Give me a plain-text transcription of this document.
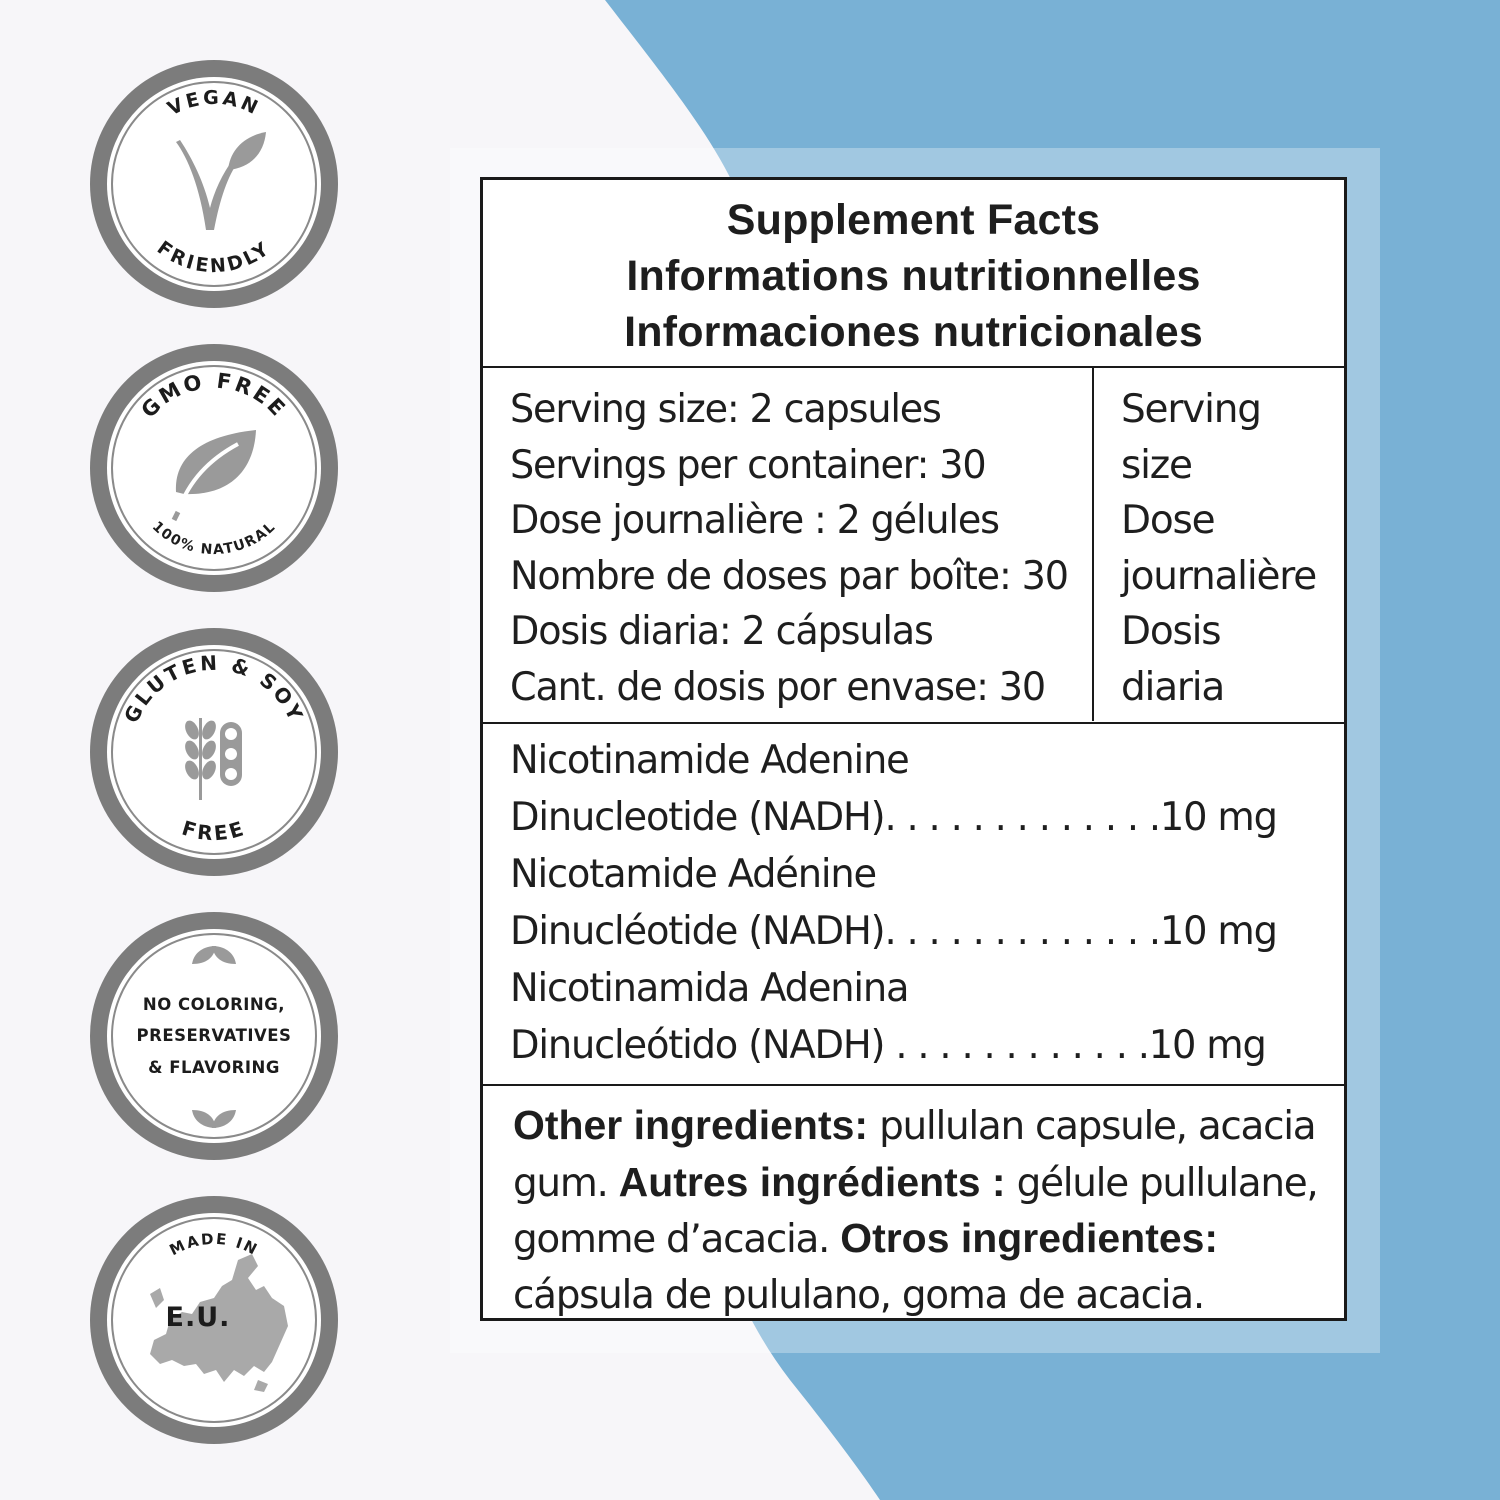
VEGAN
FRIENDLY
GMO FREE
100% NATURAL
GLUTEN & SOY
FREE
NO COLORING,
PRESERVATIVES
& FLAVORING
MADE IN
E.U.
Supplement Facts
Informations nutritionnelles
Informaciones nutricionales
Serving size: 2 capsules
Servings per container: 30
Dose journalière : 2 gélules
Nombre de doses par boîte: 30
Dosis diaria: 2 cápsulas
Cant. de dosis por envase: 30
Serving
size
Dose
journalière
Dosis
diaria
Nicotinamide Adenine
Dinucleotide (NADH). . . . . . . . . . . . .10 mg
Nicotamide Adénine
Dinucléotide (NADH). . . . . . . . . . . . .10 mg
Nicotinamida Adenina
Dinucleótido (NADH) . . . . . . . . . . . .10 mg
Other ingredients: pullulan capsule, acacia
gum. Autres ingrédients : gélule pullulane,
gomme d’acacia. Otros ingredientes:
cápsula de pululano, goma de acacia.
